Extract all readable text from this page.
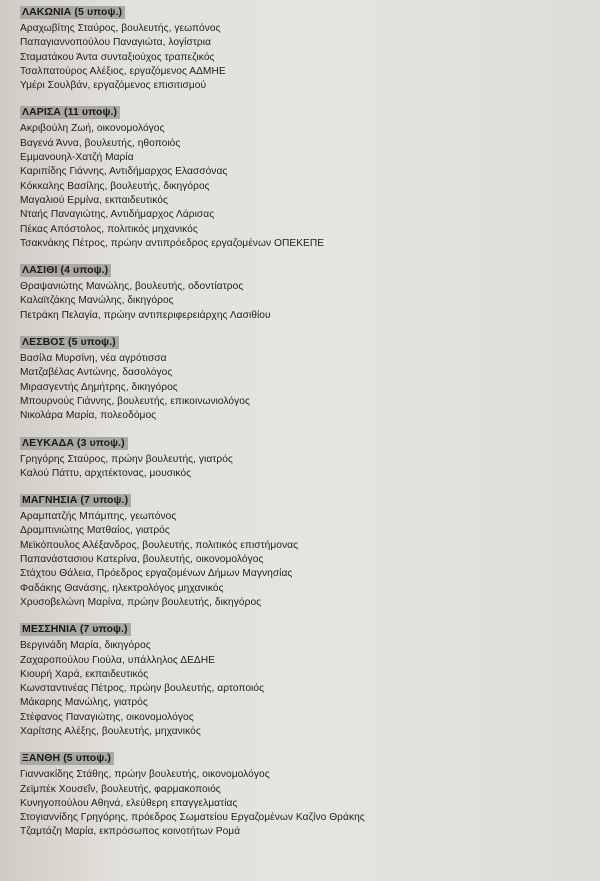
ΛΑΚΩΝΙΑ (5 υποψ.)
Αραχωβίτης Σταύρος, βουλευτής, γεωπόνος
Παπαγιαννοπούλου Παναγιώτα, λογίστρια
Σταματάκου Άντα συνταξιούχος τραπεζικός
Τσαλπατούρος Αλέξιος, εργαζόμενος ΑΔΜΗΕ
Υμέρι Σουλβάν, εργαζόμενος επισιτισμού
ΛΑΡΙΣΑ (11 υποψ.)
Ακριβούλη Ζωή, οικονομολόγος
Βαγενά Άννα, βουλευτής, ηθοποιός
Εμμανουηλ-Χατζή Μαρία
Καριπίδης Γιάννης, Αντιδήμαρχος Ελασσόνας
Κόκκαλης Βασίλης, βουλευτής, δικηγόρος
Μαγαλιού Ερμίνα, εκπαιδευτικός
Νταής Παναγιώτης, Αντιδήμαρχος Λάρισας
Πέκας Απόστολος, πολιτικός μηχανικός
Τσακνάκης Πέτρος, πρώην αντιπρόεδρος εργαζομένων ΟΠΕΚΕΠΕ
ΛΑΣΙΘΙ (4 υποψ.)
Θραψανιώτης Μανώλης, βουλευτής, οδοντίατρος
Καλαϊτζάκης Μανώλης, δικηγόρος
Πετράκη Πελαγία, πρώην αντιπεριφερειάρχης Λασιθίου
ΛΕΣΒΟΣ (5 υποψ.)
Βασίλα Μυρσίνη, νέα αγρότισσα
Ματζαβέλας Αντώνης, δασολόγος
Μιρασγεντής Δημήτρης, δικηγόρος
Μπουρνούς Γιάννης, βουλευτής, επικοινωνιολόγος
Νικολάρα Μαρία, πολεοδόμος
ΛΕΥΚΑΔΑ (3 υποψ.)
Γρηγόρης Σταύρος, πρώην βουλευτής, γιατρός
Καλού Πάττυ, αρχιτέκτονας, μουσικός
ΜΑΓΝΗΣΙΑ (7 υποψ.)
Αραμπατζής Μπάμπης, γεωπόνος
Δραμπινιώτης Ματθαίος, γιατρός
Μεϊκόπουλος Αλέξανδρος, βουλευτής, πολιτικός επιστήμονας
Παπανάστασιου Κατερίνα, βουλευτής, οικονομολόγος
Στάχτου Θάλεια, Πρόεδρος εργαζομένων Δήμων Μαγνησίας
Φαδάκης Θανάσης, ηλεκτρολόγος μηχανικός
Χρυσοβελώνη Μαρίνα, πρώην βουλευτής, δικηγόρος
ΜΕΣΣΗΝΙΑ (7 υποψ.)
Βεργινάδη Μαρία, δικηγόρος
Ζαχαροπούλου Γιούλα, υπάλληλος ΔΕΔΗΕ
Κιουρή Χαρά, εκπαιδευτικός
Κωνσταντινέας Πέτρος, πρώην βουλευτής, αρτοποιός
Μάκαρης Μανώλης, γιατρός
Στέφανος Παναγιώτης, οικονομολόγος
Χαρίτσης Αλέξης, βουλευτής, μηχανικός
ΞΑΝΘΗ (5 υποψ.)
Γιαννακίδης Στάθης, πρώην βουλευτής, οικονομολόγος
Ζεϊμπέκ Χουσεΐν, βουλευτής, φαρμακοποιός
Κυνηγοπούλου Αθηνά, ελεύθερη επαγγελματίας
Στογιαννίδης Γρηγόρης, πρόεδρος Σωματείου Εργαζομένων Καζίνο Θράκης
Τζαμτάζη Μαρία, εκπρόσωπος κοινοτήτων Ρομά
